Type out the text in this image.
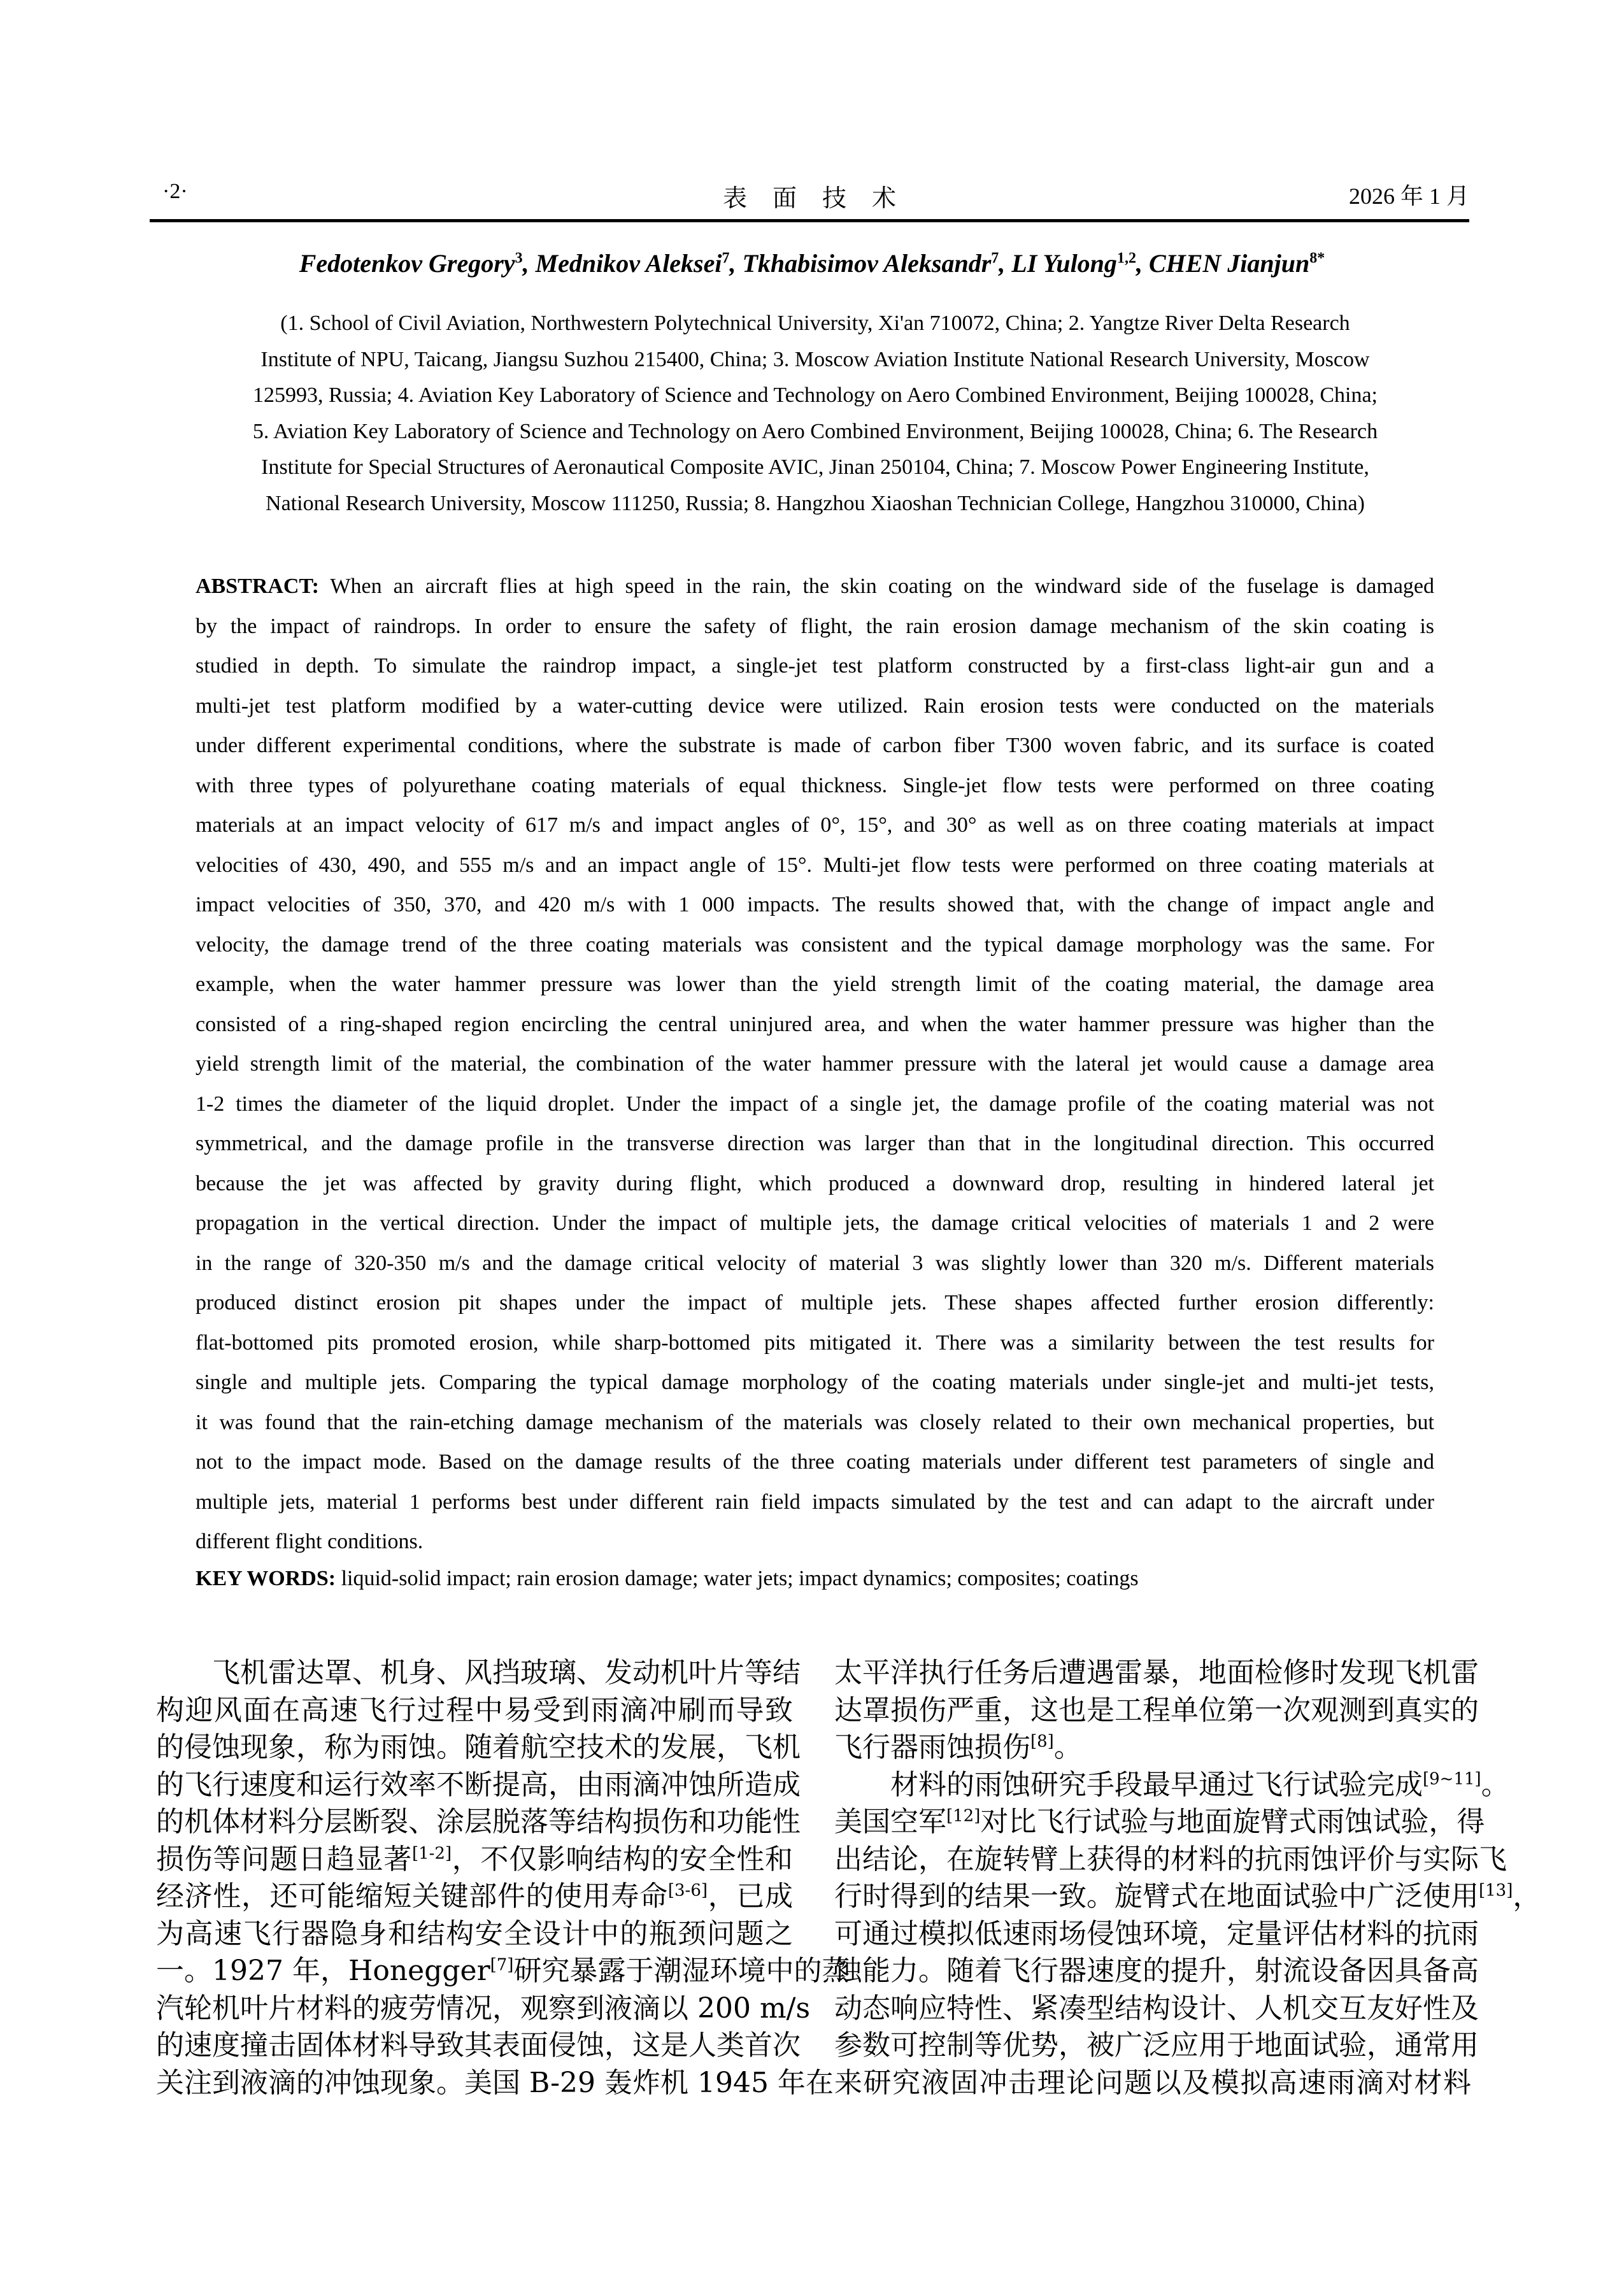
·2·	表面技术	2026 年 1 月
Fedotenkov Gregory$^3$, Mednikov Aleksei$^7$, Tkhabisimov Aleksandr$^7$, LI Yulong$^{1,2}$, CHEN Jianjun$^{8*}$
(1. School of Civil Aviation, Northwestern Polytechnical University, Xi'an 710072, China; 2. Yangtze River Delta Research
Institute of NPU, Taicang, Jiangsu Suzhou 215400, China; 3. Moscow Aviation Institute National Research University, Moscow
125993, Russia; 4. Aviation Key Laboratory of Science and Technology on Aero Combined Environment, Beijing 100028, China;
5. Aviation Key Laboratory of Science and Technology on Aero Combined Environment, Beijing 100028, China; 6. The Research
Institute for Special Structures of Aeronautical Composite AVIC, Jinan 250104, China; 7. Moscow Power Engineering Institute,
National Research University, Moscow 111250, Russia; 8. Hangzhou Xiaoshan Technician College, Hangzhou 310000, China)
ABSTRACT: When an aircraft flies at high speed in the rain, the skin coating on the windward side of the fuselage is damaged
by the impact of raindrops. In order to ensure the safety of flight, the rain erosion damage mechanism of the skin coating is
studied in depth. To simulate the raindrop impact, a single-jet test platform constructed by a first-class light-air gun and a
multi-jet test platform modified by a water-cutting device were utilized. Rain erosion tests were conducted on the materials
under different experimental conditions, where the substrate is made of carbon fiber T300 woven fabric, and its surface is coated
with three types of polyurethane coating materials of equal thickness. Single-jet flow tests were performed on three coating
materials at an impact velocity of 617 m/s and impact angles of 0°, 15°, and 30° as well as on three coating materials at impact
velocities of 430, 490, and 555 m/s and an impact angle of 15°. Multi-jet flow tests were performed on three coating materials at
impact velocities of 350, 370, and 420 m/s with 1 000 impacts. The results showed that, with the change of impact angle and
velocity, the damage trend of the three coating materials was consistent and the typical damage morphology was the same. For
example, when the water hammer pressure was lower than the yield strength limit of the coating material, the damage area
consisted of a ring-shaped region encircling the central uninjured area, and when the water hammer pressure was higher than the
yield strength limit of the material, the combination of the water hammer pressure with the lateral jet would cause a damage area
1-2 times the diameter of the liquid droplet. Under the impact of a single jet, the damage profile of the coating material was not
symmetrical, and the damage profile in the transverse direction was larger than that in the longitudinal direction. This occurred
because the jet was affected by gravity during flight, which produced a downward drop, resulting in hindered lateral jet
propagation in the vertical direction. Under the impact of multiple jets, the damage critical velocities of materials 1 and 2 were
in the range of 320-350 m/s and the damage critical velocity of material 3 was slightly lower than 320 m/s. Different materials
produced distinct erosion pit shapes under the impact of multiple jets. These shapes affected further erosion differently:
flat-bottomed pits promoted erosion, while sharp-bottomed pits mitigated it. There was a similarity between the test results for
single and multiple jets. Comparing the typical damage morphology of the coating materials under single-jet and multi-jet tests,
it was found that the rain-etching damage mechanism of the materials was closely related to their own mechanical properties, but
not to the impact mode. Based on the damage results of the three coating materials under different test parameters of single and
multiple jets, material 1 performs best under different rain field impacts simulated by the test and can adapt to the aircraft under
different flight conditions.
KEY WORDS: liquid-solid impact; rain erosion damage; water jets; impact dynamics; composites; coatings
飞机雷达罩、机身、风挡玻璃、发动机叶片等结
构迎风面在高速飞行过程中易受到雨滴冲刷而导致
的侵蚀现象，称为雨蚀。随着航空技术的发展，飞机
的飞行速度和运行效率不断提高，由雨滴冲蚀所造成
的机体材料分层断裂、涂层脱落等结构损伤和功能性
损伤等问题日趋显著[1-2]，不仅影响结构的安全性和
经济性，还可能缩短关键部件的使用寿命[3-6]，已成
为高速飞行器隐身和结构安全设计中的瓶颈问题之
一。1927 年，Honegger[7]研究暴露于潮湿环境中的蒸
汽轮机叶片材料的疲劳情况，观察到液滴以 200 m/s
的速度撞击固体材料导致其表面侵蚀，这是人类首次
关注到液滴的冲蚀现象。美国 B-29 轰炸机 1945 年在
太平洋执行任务后遭遇雷暴，地面检修时发现飞机雷
达罩损伤严重，这也是工程单位第一次观测到真实的
飞行器雨蚀损伤[8]。
材料的雨蚀研究手段最早通过飞行试验完成[9~11]。
美国空军[12]对比飞行试验与地面旋臂式雨蚀试验，得
出结论，在旋转臂上获得的材料的抗雨蚀评价与实际飞
行时得到的结果一致。旋臂式在地面试验中广泛使用[13]，
可通过模拟低速雨场侵蚀环境，定量评估材料的抗雨
蚀能力。随着飞行器速度的提升，射流设备因具备高
动态响应特性、紧凑型结构设计、人机交互友好性及
参数可控制等优势，被广泛应用于地面试验，通常用
来研究液固冲击理论问题以及模拟高速雨滴对材料
